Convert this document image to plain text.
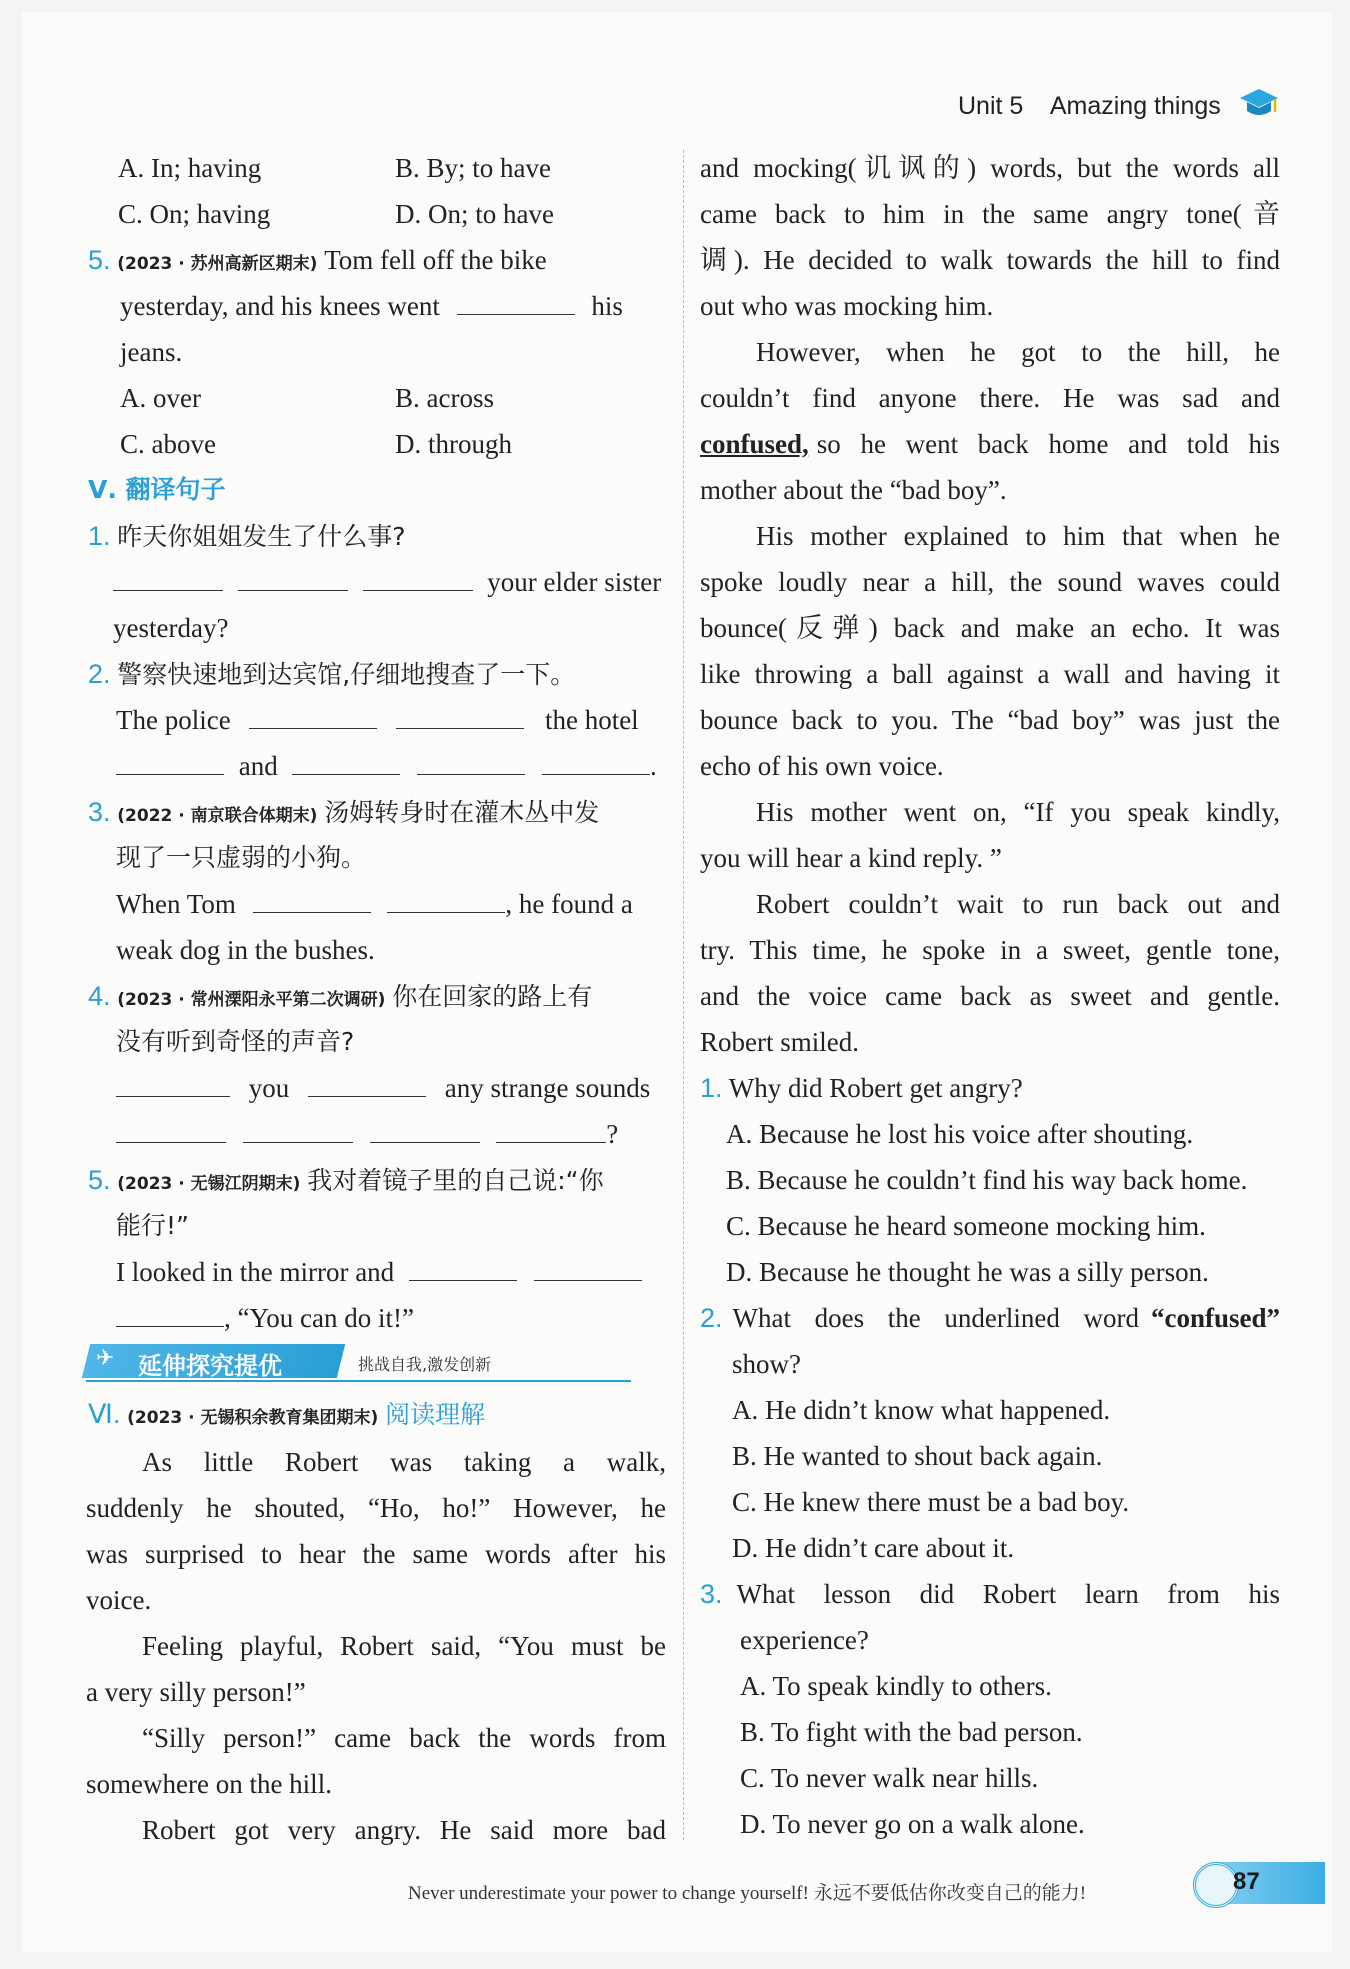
Unit 5 Amazing things
A. In; having	B. By; to have
C. On; having	D. On; to have
5. (2023 · 苏州高新区期末) Tom fell off the bike
yesterday, and his knees went	his
jeans.
A. over	B. across
C. above	D. through
Ⅴ. 翻译句子
1. 昨天你姐姐发生了什么事?
your elder sister
yesterday?
2. 警察快速地到达宾馆,仔细地搜查了一下。
The police	the hotel
and	.
3. (2022 · 南京联合体期末) 汤姆转身时在灌木丛中发
现了一只虚弱的小狗。
When Tom	, he found a
weak dog in the bushes.
4. (2023 · 常州溧阳永平第二次调研) 你在回家的路上有
没有听到奇怪的声音?
you	any strange sounds
?
5. (2023 · 无锡江阴期末) 我对着镜子里的自己说:“你
能行!”
I looked in the mirror and
, “You can do it!”
✈ 延伸探究提优	挑战自我,激发创新
Ⅵ. (2023 · 无锡积余教育集团期末) 阅读理解
As little Robert was taking a walk,
suddenly he shouted, “Ho, ho!” However, he
was surprised to hear the same words after his
voice.
Feeling playful, Robert said, “You must be
a very silly person!”
“Silly person!” came back the words from
somewhere on the hill.
Robert got very angry. He said more bad
and mocking(讥讽的) words, but the words all
came back to him in the same angry tone(音
调). He decided to walk towards the hill to find
out who was mocking him.
However, when he got to the hill, he
couldn’t find anyone there. He was sad and
confused, so he went back home and told his
mother about the “bad boy”.
His mother explained to him that when he
spoke loudly near a hill, the sound waves could
bounce(反弹) back and make an echo. It was
like throwing a ball against a wall and having it
bounce back to you. The “bad boy” was just the
echo of his own voice.
His mother went on, “If you speak kindly,
you will hear a kind reply. ”
Robert couldn’t wait to run back out and
try. This time, he spoke in a sweet, gentle tone,
and the voice came back as sweet and gentle.
Robert smiled.
1. Why did Robert get angry?
A. Because he lost his voice after shouting.
B. Because he couldn’t find his way back home.
C. Because he heard someone mocking him.
D. Because he thought he was a silly person.
2. What does the underlined word “confused”
show?
A. He didn’t know what happened.
B. He wanted to shout back again.
C. He knew there must be a bad boy.
D. He didn’t care about it.
3. What lesson did Robert learn from his
experience?
A. To speak kindly to others.
B. To fight with the bad person.
C. To never walk near hills.
D. To never go on a walk alone.
Never underestimate your power to change yourself! 永远不要低估你改变自己的能力!	87
